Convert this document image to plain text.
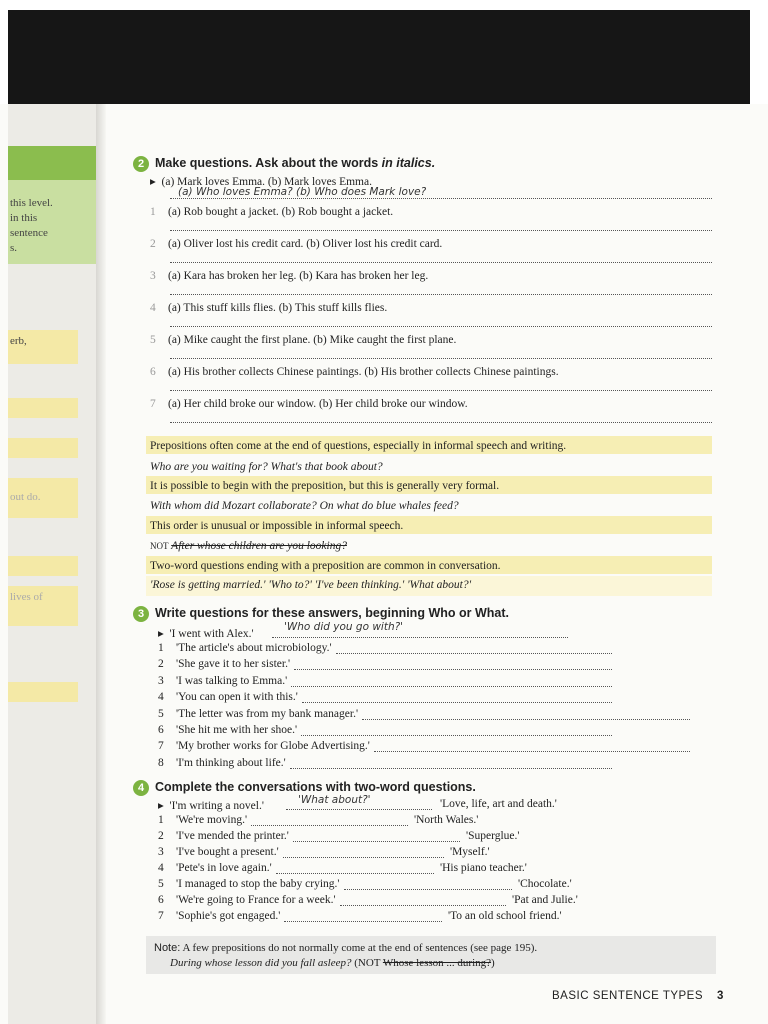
this level.
in this
sentence
s.
erb,
out do.
lives of
2 Make questions. Ask about the words in italics.
▸ (a) Mark loves Emma. (b) Mark loves Emma.
(a) Who loves Emma? (b) Who does Mark love?
1 (a) Rob bought a jacket. (b) Rob bought a jacket.
2 (a) Oliver lost his credit card. (b) Oliver lost his credit card.
3 (a) Kara has broken her leg. (b) Kara has broken her leg.
4 (a) This stuff kills flies. (b) This stuff kills flies.
5 (a) Mike caught the first plane. (b) Mike caught the first plane.
6 (a) His brother collects Chinese paintings. (b) His brother collects Chinese paintings.
7 (a) Her child broke our window. (b) Her child broke our window.
Prepositions often come at the end of questions, especially in informal speech and writing.
Who are you waiting for? What's that book about?
It is possible to begin with the preposition, but this is generally very formal.
With whom did Mozart collaborate? On what do blue whales feed?
This order is unusual or impossible in informal speech.
NOT After whose children are you looking?
Two-word questions ending with a preposition are common in conversation.
'Rose is getting married.' 'Who to?' 'I've been thinking.' 'What about?'
3 Write questions for these answers, beginning Who or What.
▸ 'I went with Alex.'
'Who did you go with?'
1 'The article's about microbiology.'
2 'She gave it to her sister.'
3 'I was talking to Emma.'
4 'You can open it with this.'
5 'The letter was from my bank manager.'
6 'She hit me with her shoe.'
7 'My brother works for Globe Advertising.'
8 'I'm thinking about life.'
4 Complete the conversations with two-word questions.
▸ 'I'm writing a novel.'	'What about?'	'Love, life, art and death.'
1 'We're moving.'	'North Wales.'
2 'I've mended the printer.'	'Superglue.'
3 'I've bought a present.'	'Myself.'
4 'Pete's in love again.'	'His piano teacher.'
5 'I managed to stop the baby crying.'	'Chocolate.'
6 'We're going to France for a week.'	'Pat and Julie.'
7 'Sophie's got engaged.'	'To an old school friend.'
Note: A few prepositions do not normally come at the end of sentences (see page 195).
During whose lesson did you fall asleep? (NOT Whose lesson ... during?)
BASIC SENTENCE TYPES 3
